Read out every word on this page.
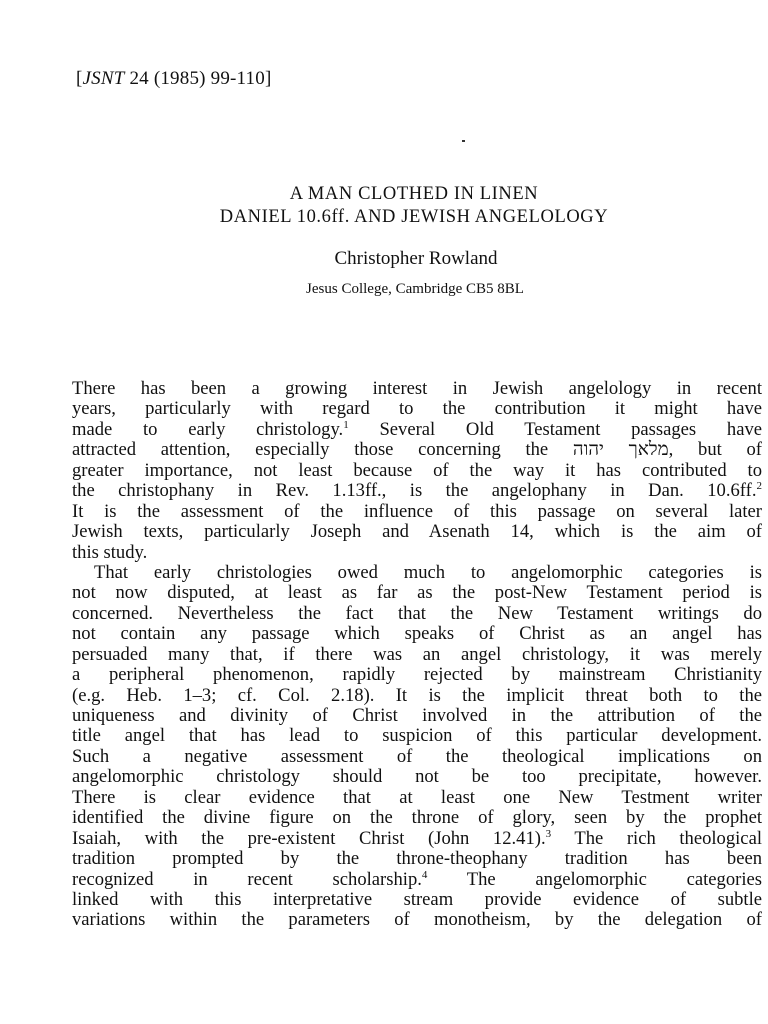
[JSNT 24 (1985) 99-110]
A MAN CLOTHED IN LINEN
DANIEL 10.6ff. AND JEWISH ANGELOLOGY
Christopher Rowland
Jesus College, Cambridge CB5 8BL
There has been a growing interest in Jewish angelology in recent
years, particularly with regard to the contribution it might have
made to early christology.$^1$ Several Old Testament passages have
attracted attention, especially those concerning the מלאך יהוה, but of
greater importance, not least because of the way it has contributed to
the christophany in Rev. 1.13ff., is the angelophany in Dan. 10.6ff.$^2$
It is the assessment of the influence of this passage on several later
Jewish texts, particularly Joseph and Asenath 14, which is the aim of
this study.
That early christologies owed much to angelomorphic categories is
not now disputed, at least as far as the post-New Testament period is
concerned. Nevertheless the fact that the New Testament writings do
not contain any passage which speaks of Christ as an angel has
persuaded many that, if there was an angel christology, it was merely
a peripheral phenomenon, rapidly rejected by mainstream Christianity
(e.g. Heb. 1–3; cf. Col. 2.18). It is the implicit threat both to the
uniqueness and divinity of Christ involved in the attribution of the
title angel that has lead to suspicion of this particular development.
Such a negative assessment of the theological implications on
angelomorphic christology should not be too precipitate, however.
There is clear evidence that at least one New Testment writer
identified the divine figure on the throne of glory, seen by the prophet
Isaiah, with the pre-existent Christ (John 12.41).$^3$ The rich theological
tradition prompted by the throne-theophany tradition has been
recognized in recent scholarship.$^4$ The angelomorphic categories
linked with this interpretative stream provide evidence of subtle
variations within the parameters of monotheism, by the delegation of
